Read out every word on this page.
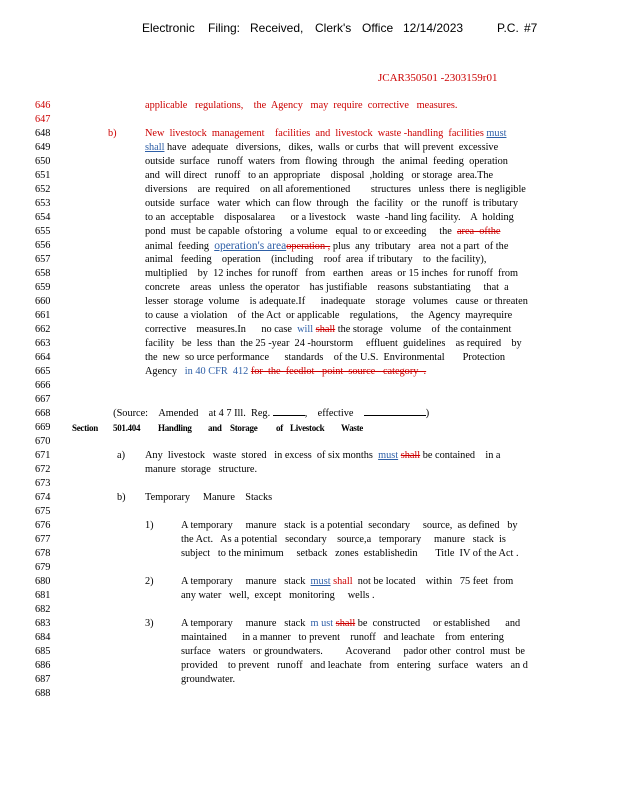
Electronic Filing: Received, Clerk's Office 12/14/2023	P.C. #7
JCAR350501 -2303159r01
646
647
648
649
650
651
652
653
654
655
656
657
658
659
660
661
662
663
664
665
666
667
668
669
670
671
672
673
674
675
676
677
678
679
680
681
682
683
684
685
686
687
688
applicable   regulations,    the  Agency   may  require  corrective   measures.
b)	New  livestock  management    facilities  and  livestock  waste -handling  facilities must
shall have  adequate   diversions,   dikes,  walls  or curbs  that  will prevent  excessive
outside  surface   runoff  waters  from  flowing  through   the  animal  feeding  operation
and  will direct   runoff   to an  appropriate    disposal  ,holding   or storage  area.The
diversions    are  required    on all aforementioned        structures   unless  there  is negligible
outside  surface   water  which  can flow  through   the  facility   or  the  runoff  is tributary
to an  acceptable    disposalarea      or a livestock    waste  -hand ling facility.    A  holding
pond  must  be capable  ofstoring   a volume   equal  to or exceeding     the area  ofthe
animal  feeding operation's areaoperation , plus  any  tributary   area  not a part  of the
animal   feeding    operation    (including    roof  area  if tributary    to  the facility),
multiplied    by  12 inches  for runoff   from   earthen   areas  or 15 inches  for runoff  from
concrete    areas   unless  the operator    has justifiable    reasons  substantiating     that  a
lesser  storage  volume    is adequate.If      inadequate    storage   volumes   cause  or threaten
to cause  a violation    of  the Act  or applicable    regulations,     the  Agency  mayrequire
corrective    measures.In      no case will shall the storage   volume    of  the containment
facility   be  less  than  the 25 -year  24 -hourstorm     effluent  guidelines    as required    by
the  new  so urce performance      standards    of the U.S.  Environmental       Protection
Agency in 40 CFR  412 for  the  feedlot   point  source   category  .

(Source: Amended at 4 7 Ill.  Reg.	, effective	)

Section 501.404 Handling and Storage of Livestock Waste
a) Any  livestock   waste  stored   in excess  of six months must shall be contained    in a
manure  storage   structure.
b) Temporary     Manure    Stacks
1)	A temporary     manure   stack  is a potential  secondary     source,  as defined   by
the Act.   As a potential   secondary    source,a   temporary     manure   stack  is
subject   to the minimum     setback   zones  establishedin       Title  IV of the Act .
2)	A temporary     manure   stack must shall  not be located    within   75 feet  from
any water   well,  except   monitoring     wells .
3)	A temporary     manure   stack m ust shall be  constructed     or established      and
maintained      in a manner   to prevent    runoff   and leachate    from  entering
surface   waters   or groundwaters.         Acoverand     pador other  control  must  be
provided    to prevent   runoff   and leachate   from   entering   surface   waters   an d
groundwater.
